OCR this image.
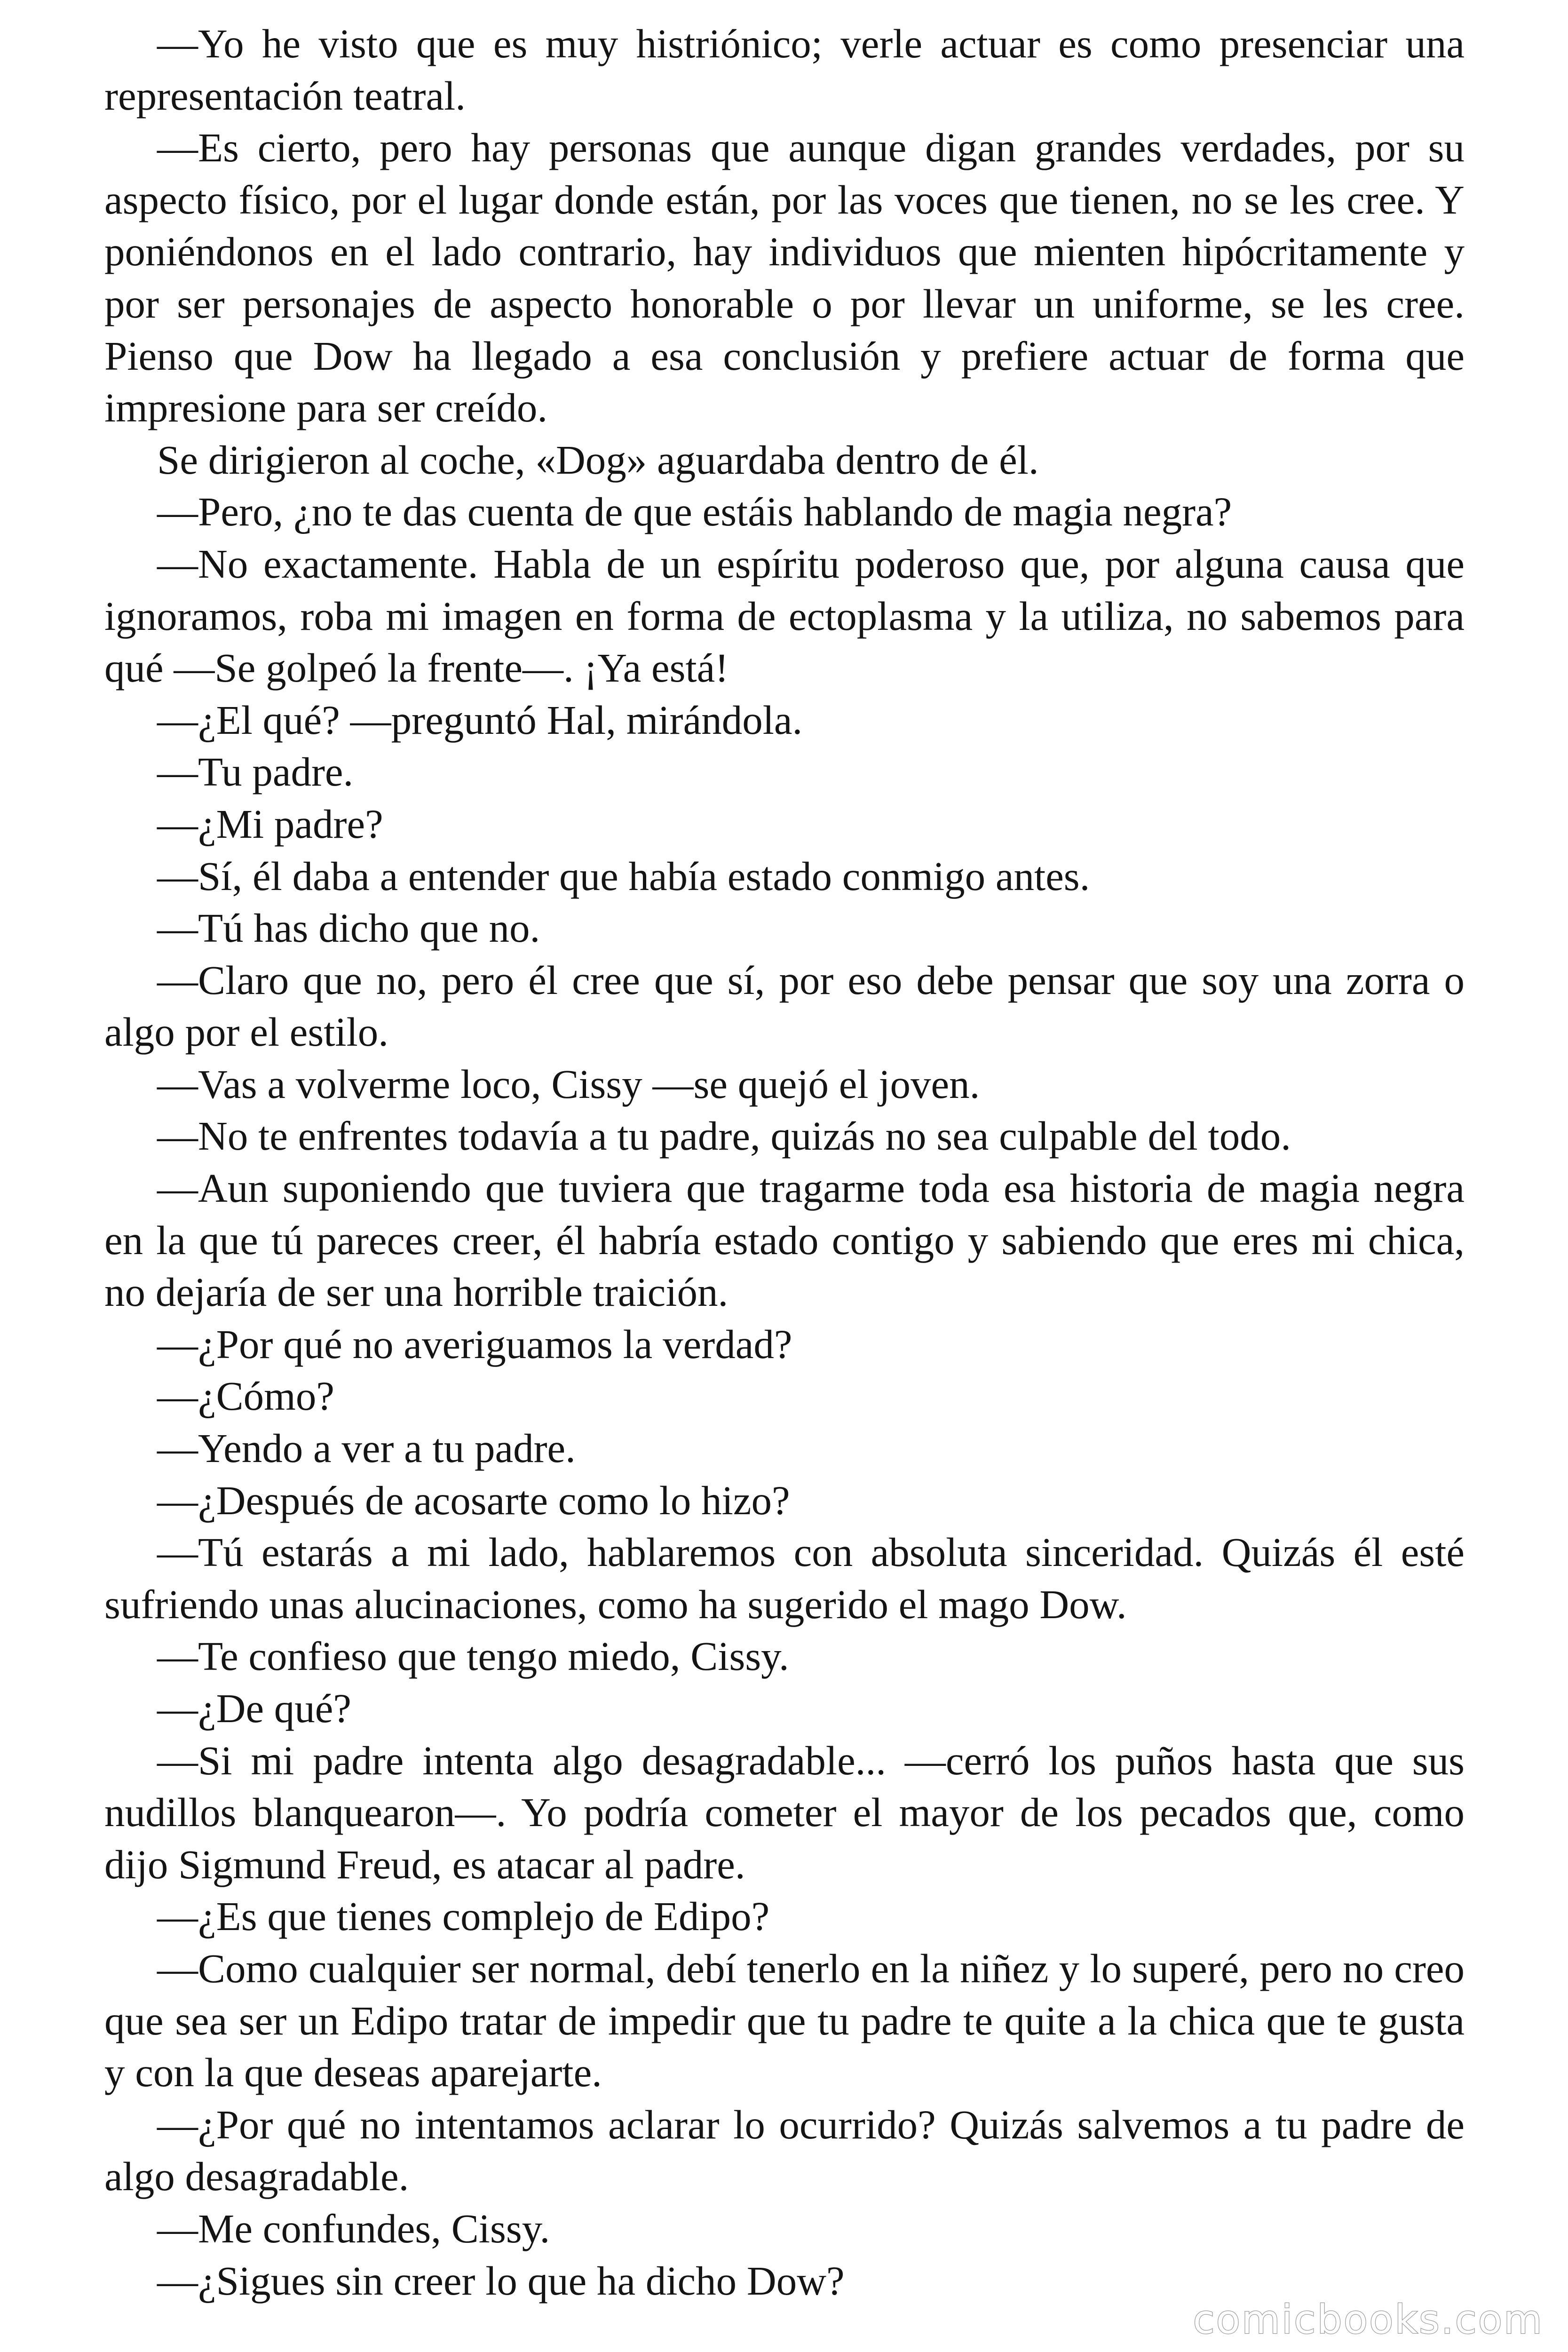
—Yo he visto que es muy histriónico; verle actuar es como presenciar una representación teatral.

—Es cierto, pero hay personas que aunque digan grandes verdades, por su aspecto físico, por el lugar donde están, por las voces que tienen, no se les cree. Y poniéndonos en el lado contrario, hay individuos que mienten hipócritamente y por ser personajes de aspecto honorable o por llevar un uniforme, se les cree. Pienso que Dow ha llegado a esa conclusión y prefiere actuar de forma que impresione para ser creído.

Se dirigieron al coche, «Dog» aguardaba dentro de él.

—Pero, ¿no te das cuenta de que estáis hablando de magia negra?

—No exactamente. Habla de un espíritu poderoso que, por alguna causa que ignoramos, roba mi imagen en forma de ectoplasma y la utiliza, no sabemos para qué —Se golpeó la frente—. ¡Ya está!

—¿El qué? —preguntó Hal, mirándola.

—Tu padre.

—¿Mi padre?

—Sí, él daba a entender que había estado conmigo antes.

—Tú has dicho que no.

—Claro que no, pero él cree que sí, por eso debe pensar que soy una zorra o algo por el estilo.

—Vas a volverme loco, Cissy —se quejó el joven.

—No te enfrentes todavía a tu padre, quizás no sea culpable del todo.

—Aun suponiendo que tuviera que tragarme toda esa historia de magia negra en la que tú pareces creer, él habría estado contigo y sabiendo que eres mi chica, no dejaría de ser una horrible traición.

—¿Por qué no averiguamos la verdad?

—¿Cómo?

—Yendo a ver a tu padre.

—¿Después de acosarte como lo hizo?

—Tú estarás a mi lado, hablaremos con absoluta sinceridad. Quizás él esté sufriendo unas alucinaciones, como ha sugerido el mago Dow.

—Te confieso que tengo miedo, Cissy.

—¿De qué?

—Si mi padre intenta algo desagradable... —cerró los puños hasta que sus nudillos blanquearon—. Yo podría cometer el mayor de los pecados que, como dijo Sigmund Freud, es atacar al padre.

—¿Es que tienes complejo de Edipo?

—Como cualquier ser normal, debí tenerlo en la niñez y lo superé, pero no creo que sea ser un Edipo tratar de impedir que tu padre te quite a la chica que te gusta y con la que deseas aparejarte.

—¿Por qué no intentamos aclarar lo ocurrido? Quizás salvemos a tu padre de algo desagradable.

—Me confundes, Cissy.

—¿Sigues sin creer lo que ha dicho Dow?

comicbooks.com
